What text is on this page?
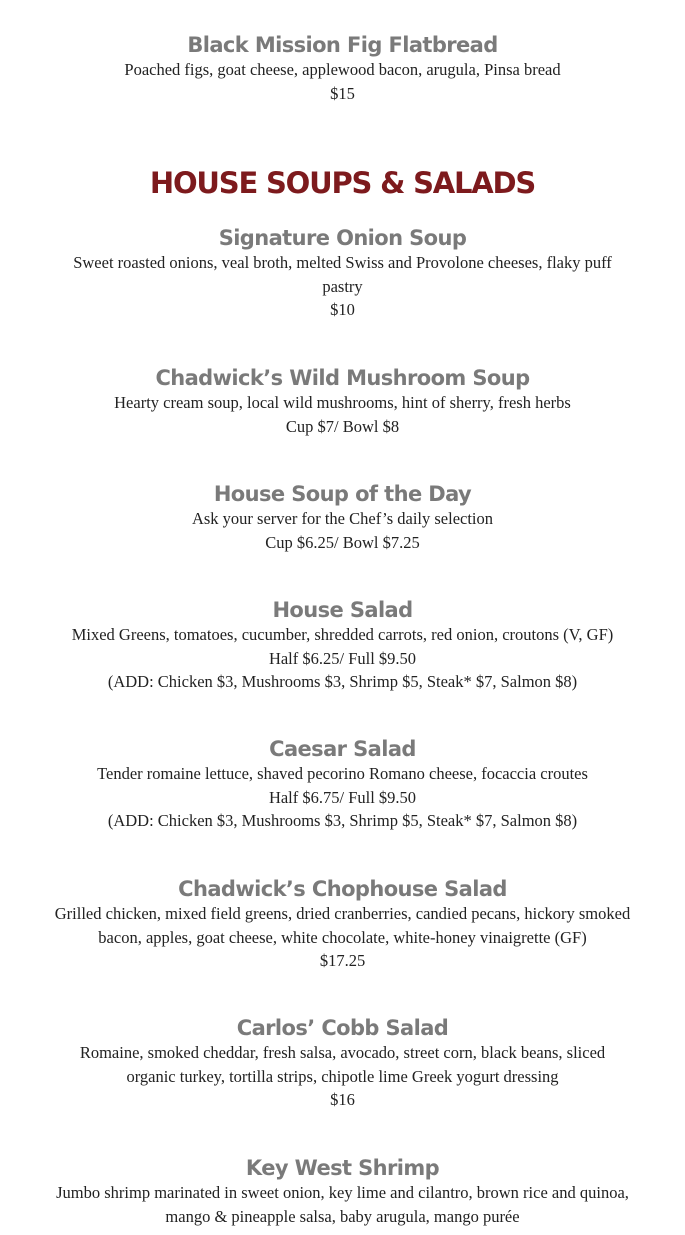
Black Mission Fig Flatbread

Poached figs, goat cheese, applewood bacon, arugula, Pinsa bread

$15

HOUSE SOUPS & SALADS

Signature Onion Soup

Sweet roasted onions, veal broth, melted Swiss and Provolone cheeses, flaky puff

pastry

$10

Chadwick’s Wild Mushroom Soup

Hearty cream soup, local wild mushrooms, hint of sherry, fresh herbs

Cup $7/ Bowl $8

House Soup of the Day

Ask your server for the Chef’s daily selection

Cup $6.25/ Bowl $7.25

House Salad

Mixed Greens, tomatoes, cucumber, shredded carrots, red onion, croutons (V, GF)

Half $6.25/ Full $9.50

(ADD: Chicken $3, Mushrooms $3, Shrimp $5, Steak* $7, Salmon $8)

Caesar Salad

Tender romaine lettuce, shaved pecorino Romano cheese, focaccia croutes

Half $6.75/ Full $9.50

(ADD: Chicken $3, Mushrooms $3, Shrimp $5, Steak* $7, Salmon $8)

Chadwick’s Chophouse Salad

Grilled chicken, mixed field greens, dried cranberries, candied pecans, hickory smoked

bacon, apples, goat cheese, white chocolate, white-honey vinaigrette (GF)

$17.25

Carlos’ Cobb Salad

Romaine, smoked cheddar, fresh salsa, avocado, street corn, black beans, sliced

organic turkey, tortilla strips, chipotle lime Greek yogurt dressing

$16

Key West Shrimp

Jumbo shrimp marinated in sweet onion, key lime and cilantro, brown rice and quinoa,

mango & pineapple salsa, baby arugula, mango purée
